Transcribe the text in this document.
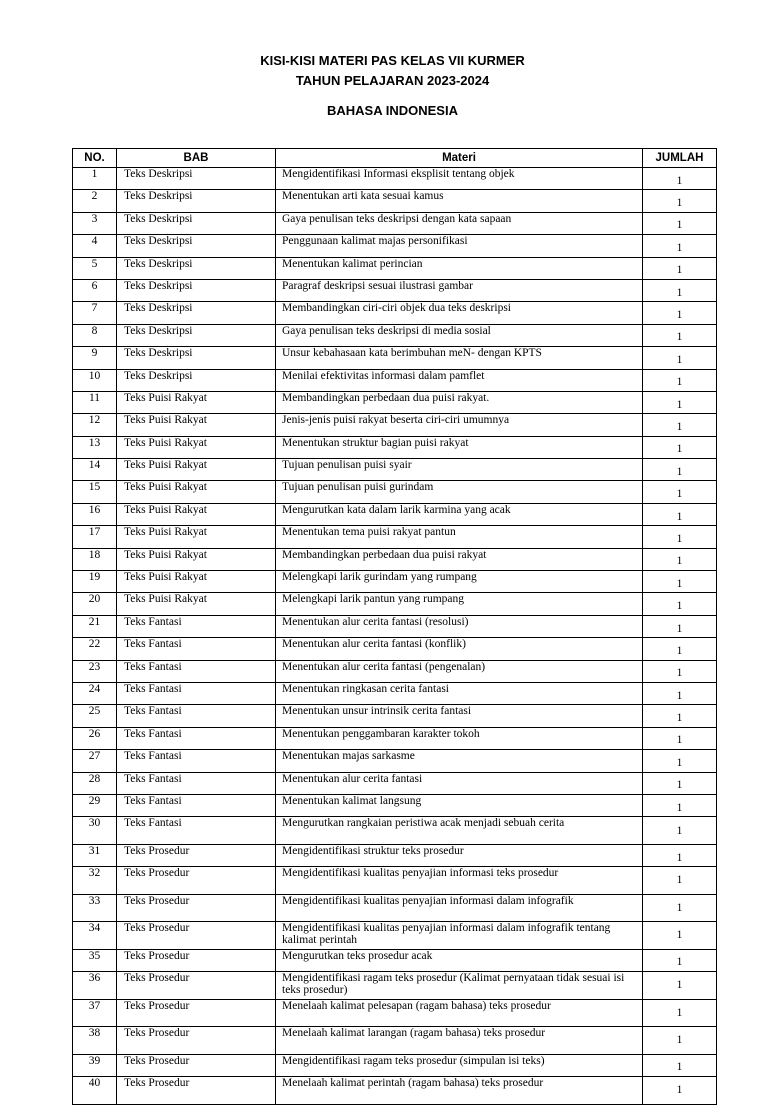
KISI-KISI MATERI PAS KELAS VII KURMER
TAHUN PELAJARAN 2023-2024
BAHASA INDONESIA
NO.	BAB	Materi	JUMLAH
1	Teks Deskripsi	Mengidentifikasi Informasi eksplisit tentang objek	1
2	Teks Deskripsi	Menentukan arti kata sesuai kamus	1
3	Teks Deskripsi	Gaya penulisan teks deskripsi dengan kata sapaan	1
4	Teks Deskripsi	Penggunaan kalimat majas personifikasi	1
5	Teks Deskripsi	Menentukan kalimat perincian	1
6	Teks Deskripsi	Paragraf deskripsi sesuai ilustrasi gambar	1
7	Teks Deskripsi	Membandingkan ciri-ciri objek dua teks deskripsi	1
8	Teks Deskripsi	Gaya penulisan teks deskripsi di media sosial	1
9	Teks Deskripsi	Unsur kebahasaan kata berimbuhan meN- dengan KPTS	1
10	Teks Deskripsi	Menilai efektivitas informasi dalam pamflet	1
11	Teks Puisi Rakyat	Membandingkan perbedaan dua puisi rakyat.	1
12	Teks Puisi Rakyat	Jenis-jenis puisi rakyat beserta ciri-ciri umumnya	1
13	Teks Puisi Rakyat	Menentukan struktur bagian puisi rakyat	1
14	Teks Puisi Rakyat	Tujuan penulisan puisi syair	1
15	Teks Puisi Rakyat	Tujuan penulisan puisi gurindam	1
16	Teks Puisi Rakyat	Mengurutkan kata dalam larik karmina yang acak	1
17	Teks Puisi Rakyat	Menentukan tema puisi rakyat pantun	1
18	Teks Puisi Rakyat	Membandingkan perbedaan dua puisi rakyat	1
19	Teks Puisi Rakyat	Melengkapi larik gurindam yang rumpang	1
20	Teks Puisi Rakyat	Melengkapi larik pantun yang rumpang	1
21	Teks Fantasi	Menentukan alur cerita fantasi (resolusi)	1
22	Teks Fantasi	Menentukan alur cerita fantasi (konflik)	1
23	Teks Fantasi	Menentukan alur cerita fantasi (pengenalan)	1
24	Teks Fantasi	Menentukan ringkasan cerita fantasi	1
25	Teks Fantasi	Menentukan unsur intrinsik cerita fantasi	1
26	Teks Fantasi	Menentukan penggambaran karakter tokoh	1
27	Teks Fantasi	Menentukan majas sarkasme	1
28	Teks Fantasi	Menentukan alur cerita fantasi	1
29	Teks Fantasi	Menentukan kalimat langsung	1
30	Teks Fantasi	Mengurutkan rangkaian peristiwa acak menjadi sebuah cerita	1
31	Teks Prosedur	Mengidentifikasi struktur teks prosedur	1
32	Teks Prosedur	Mengidentifikasi kualitas penyajian informasi teks prosedur	1
33	Teks Prosedur	Mengidentifikasi kualitas penyajian informasi dalam infografik	1
34	Teks Prosedur	Mengidentifikasi kualitas penyajian informasi dalam infografik tentang kalimat perintah	1
35	Teks Prosedur	Mengurutkan teks prosedur acak	1
36	Teks Prosedur	Mengidentifikasi ragam teks prosedur (Kalimat pernyataan tidak sesuai isi teks prosedur)	1
37	Teks Prosedur	Menelaah kalimat pelesapan (ragam bahasa) teks prosedur	1
38	Teks Prosedur	Menelaah kalimat larangan (ragam bahasa) teks prosedur	1
39	Teks Prosedur	Mengidentifikasi ragam teks prosedur (simpulan isi teks)	1
40	Teks Prosedur	Menelaah kalimat perintah (ragam bahasa) teks prosedur	1
